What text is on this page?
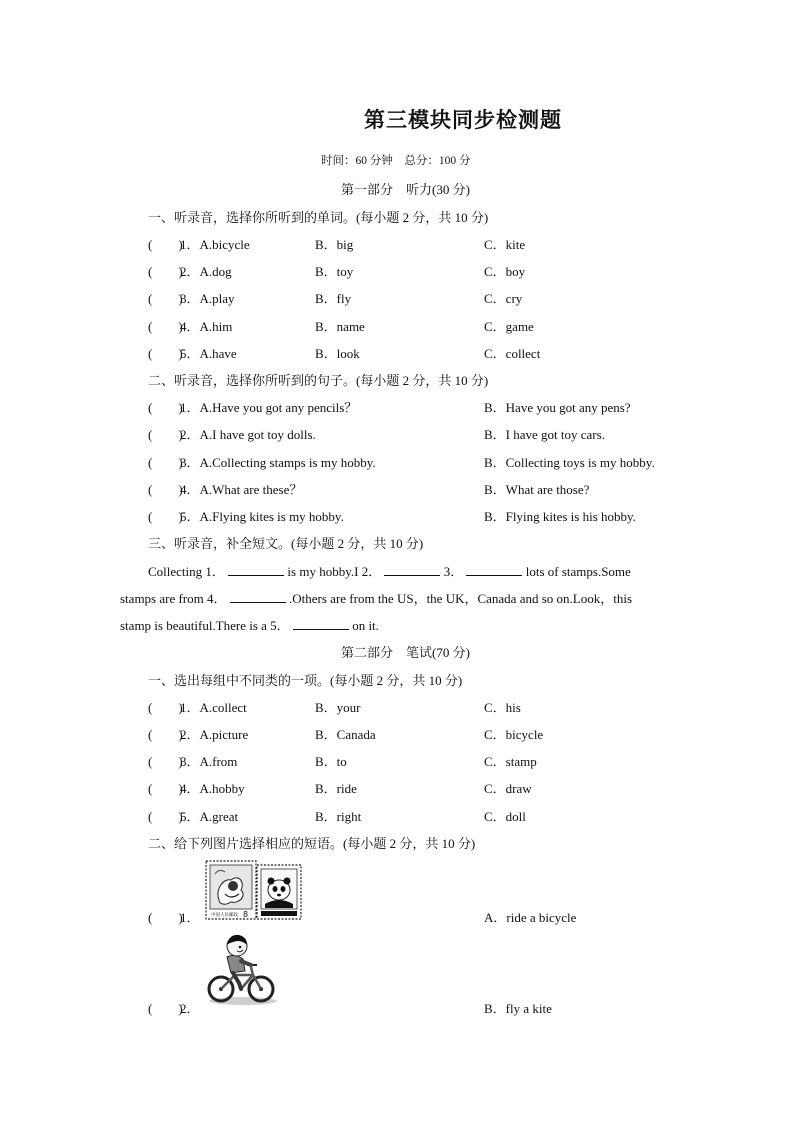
第三模块同步检测题
时间：60 分钟　总分：100 分
第一部分　听力(30 分)
一、听录音，选择你所听到的单词。(每小题 2 分，共 10 分)
(　　)
1．A.bicycle	B．big	C．kite
(　　)
2．A.dog	B．toy	C．boy
(　　)
3．A.play	B．fly	C．cry
(　　)
4．A.him	B．name	C．game
(　　)
5．A.have	B．look	C．collect
二、听录音，选择你所听到的句子。(每小题 2 分，共 10 分)
(　　)
1．A.Have you got any pencils？	B．Have you got any pens?
(　　)
2．A.I have got toy dolls.	B．I have got toy cars.
(　　)
3．A.Collecting stamps is my hobby.	B．Collecting toys is my hobby.
(　　)
4．A.What are these？	B．What are those?
(　　)
5．A.Flying kites is my hobby.	B．Flying kites is his hobby.
三、听录音，补全短文。(每小题 2 分，共 10 分)
Collecting 1．	is my hobby.I 2．	3．	lots of stamps.Some
stamps are from 4．	.Others are from the US，the UK，Canada and so on.Look，this
stamp is beautiful.There is a 5．	on it.
第二部分　笔试(70 分)
一、选出每组中不同类的一项。(每小题 2 分，共 10 分)
(　　)
1．A.collect	B．your	C．his
(　　)
2．A.picture	B．Canada	C．bicycle
(　　)
3．A.from	B．to	C．stamp
(　　)
4．A.hobby	B．ride	C．draw
(　　)
5．A.great	B．right	C．doll
二、给下列图片选择相应的短语。(每小题 2 分，共 10 分)
中国人民邮政 8
(　　)
1．	A．ride a bicycle
(　　)
2．	B．fly a kite
